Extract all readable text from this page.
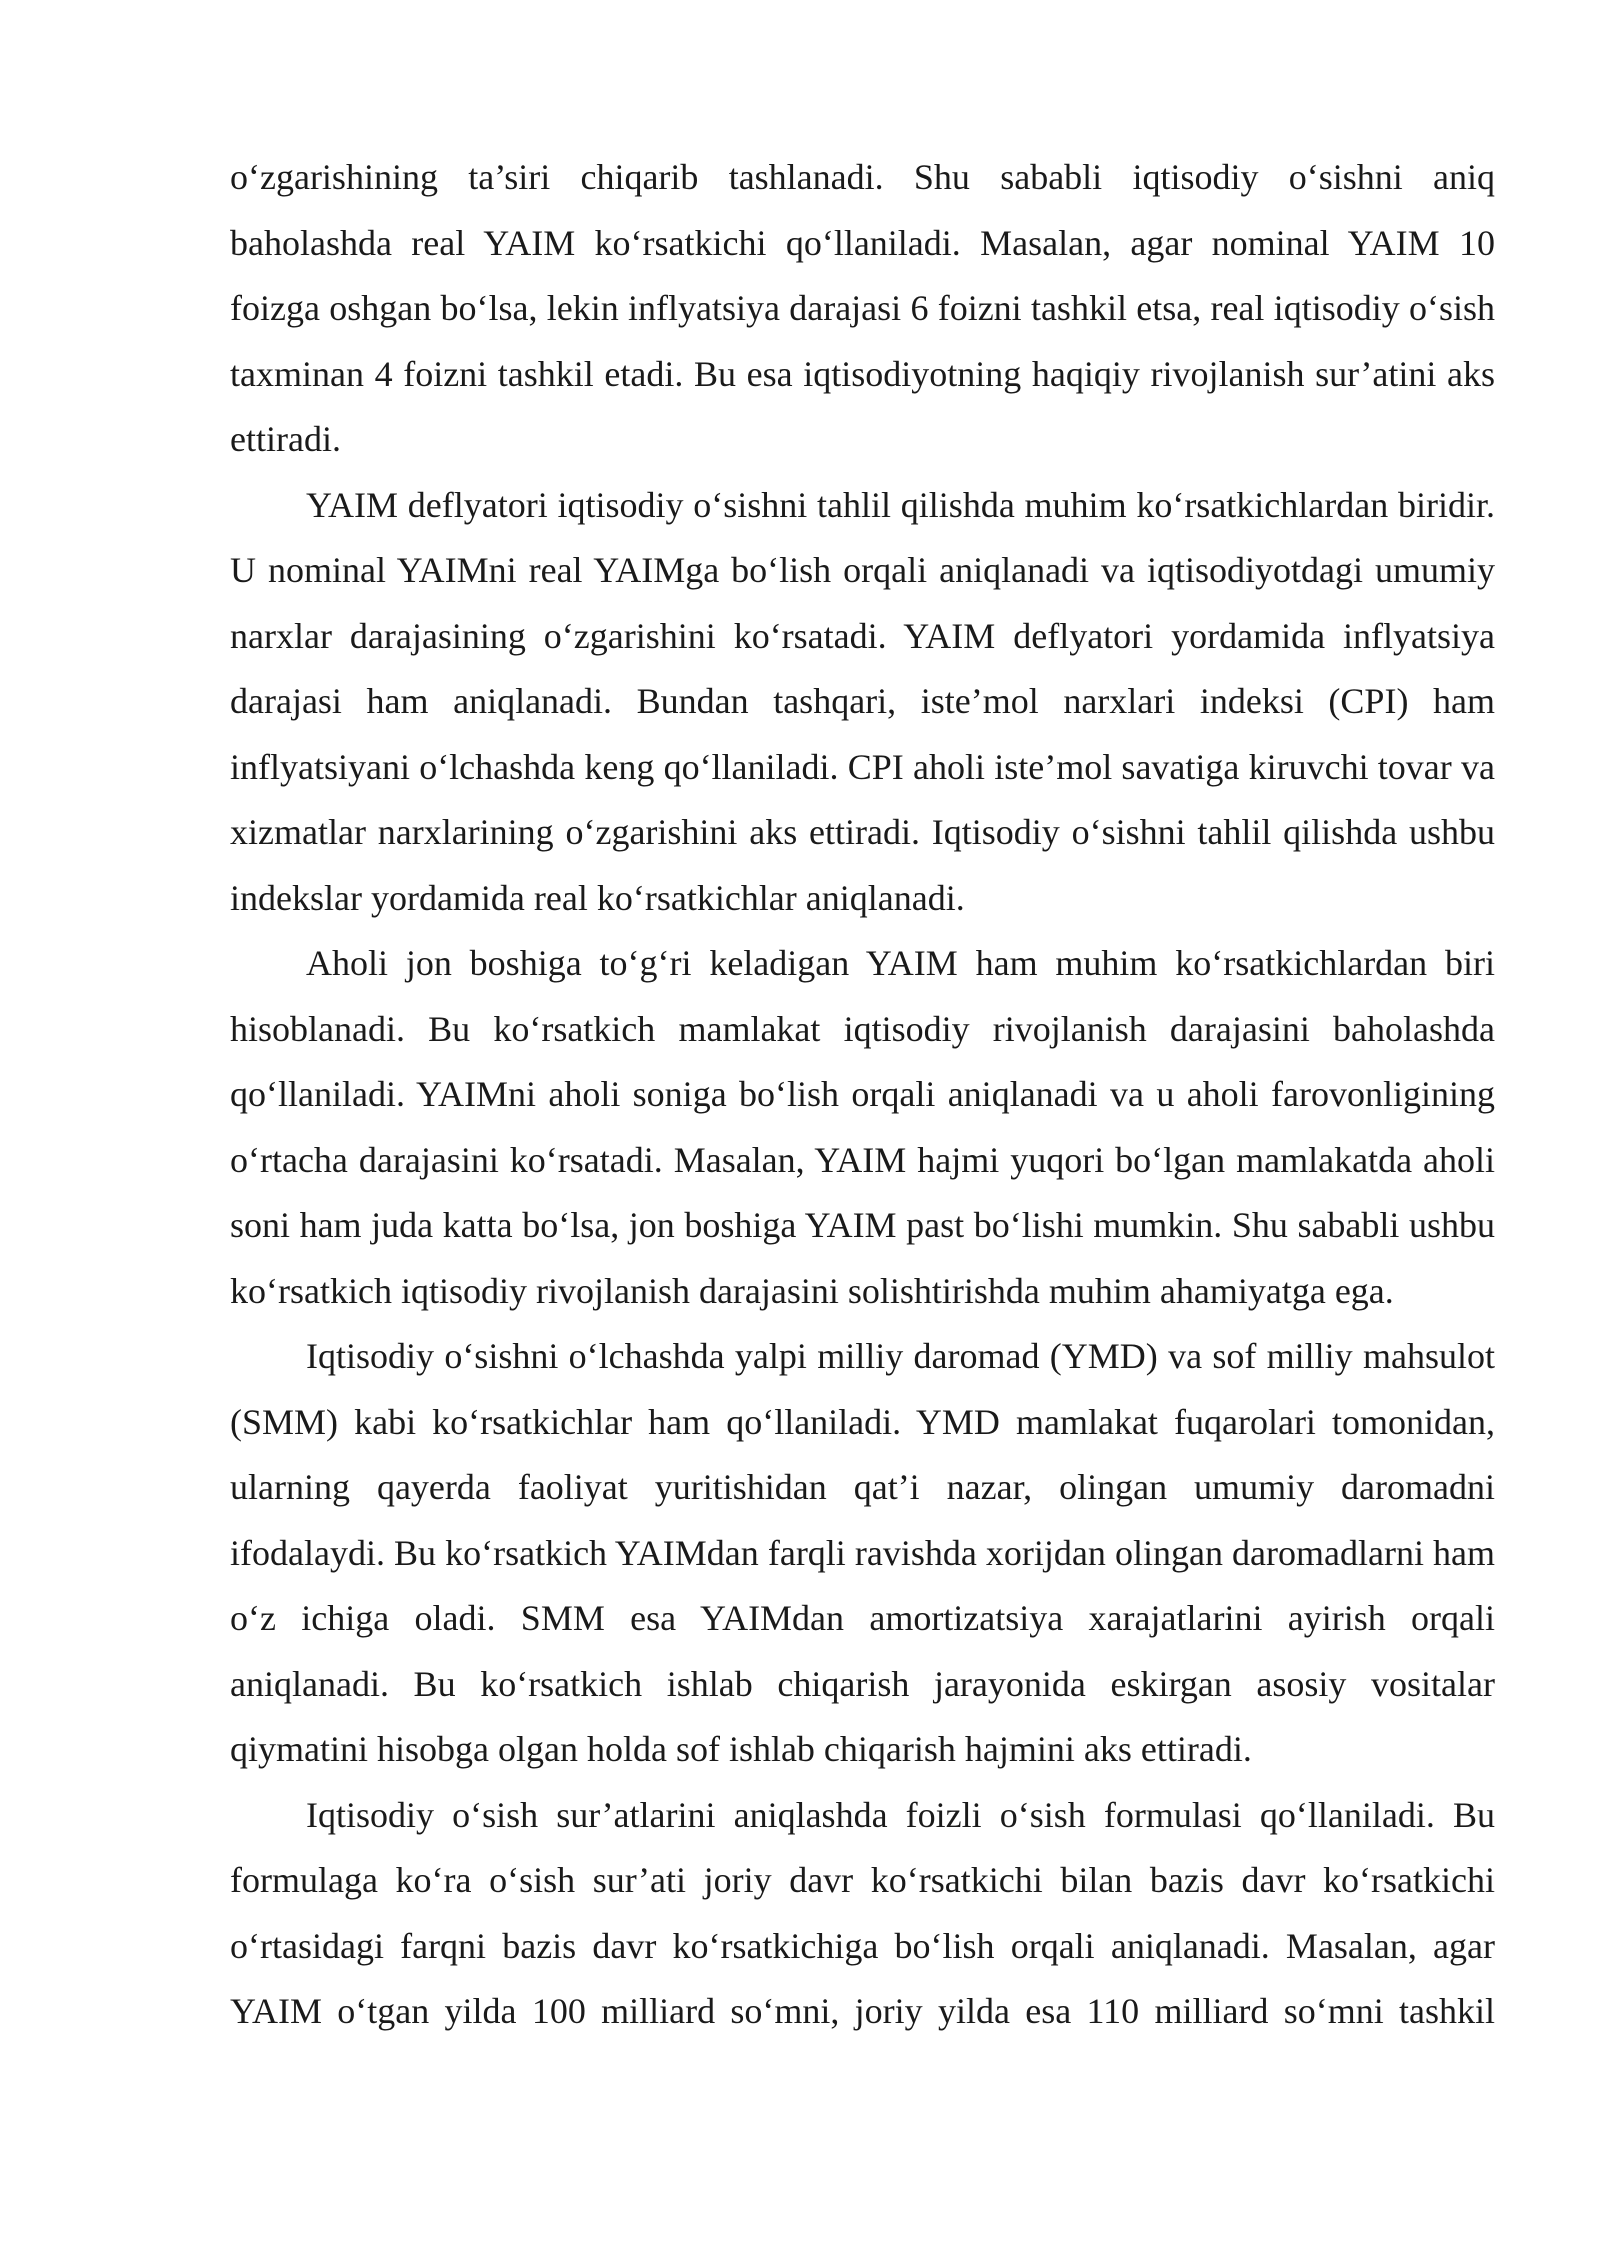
o‘zgarishining ta’siri chiqarib tashlanadi. Shu sababli iqtisodiy o‘sishni aniq baholashda real YAIM ko‘rsatkichi qo‘llaniladi. Masalan, agar nominal YAIM 10 foizga oshgan bo‘lsa, lekin inflyatsiya darajasi 6 foizni tashkil etsa, real iqtisodiy o‘sish taxminan 4 foizni tashkil etadi. Bu esa iqtisodiyotning haqiqiy rivojlanish sur’atini aks ettiradi.

YAIM deflyatori iqtisodiy o‘sishni tahlil qilishda muhim ko‘rsatkichlardan biridir. U nominal YAIMni real YAIMga bo‘lish orqali aniqlanadi va iqtisodiyotdagi umumiy narxlar darajasining o‘zgarishini ko‘rsatadi. YAIM deflyatori yordamida inflyatsiya darajasi ham aniqlanadi. Bundan tashqari, iste’mol narxlari indeksi (CPI) ham inflyatsiyani o‘lchashda keng qo‘llaniladi. CPI aholi iste’mol savatiga kiruvchi tovar va xizmatlar narxlarining o‘zgarishini aks ettiradi. Iqtisodiy o‘sishni tahlil qilishda ushbu indekslar yordamida real ko‘rsatkichlar aniqlanadi.

Aholi jon boshiga to‘g‘ri keladigan YAIM ham muhim ko‘rsatkichlardan biri hisoblanadi. Bu ko‘rsatkich mamlakat iqtisodiy rivojlanish darajasini baholashda qo‘llaniladi. YAIMni aholi soniga bo‘lish orqali aniqlanadi va u aholi farovonligining o‘rtacha darajasini ko‘rsatadi. Masalan, YAIM hajmi yuqori bo‘lgan mamlakatda aholi soni ham juda katta bo‘lsa, jon boshiga YAIM past bo‘lishi mumkin. Shu sababli ushbu ko‘rsatkich iqtisodiy rivojlanish darajasini solishtirishda muhim ahamiyatga ega.

Iqtisodiy o‘sishni o‘lchashda yalpi milliy daromad (YMD) va sof milliy mahsulot (SMM) kabi ko‘rsatkichlar ham qo‘llaniladi. YMD mamlakat fuqarolari tomonidan, ularning qayerda faoliyat yuritishidan qat’i nazar, olingan umumiy daromadni ifodalaydi. Bu ko‘rsatkich YAIMdan farqli ravishda xorijdan olingan daromadlarni ham o‘z ichiga oladi. SMM esa YAIMdan amortizatsiya xarajatlarini ayirish orqali aniqlanadi. Bu ko‘rsatkich ishlab chiqarish jarayonida eskirgan asosiy vositalar qiymatini hisobga olgan holda sof ishlab chiqarish hajmini aks ettiradi.

Iqtisodiy o‘sish sur’atlarini aniqlashda foizli o‘sish formulasi qo‘llaniladi. Bu formulaga ko‘ra o‘sish sur’ati joriy davr ko‘rsatkichi bilan bazis davr ko‘rsatkichi o‘rtasidagi farqni bazis davr ko‘rsatkichiga bo‘lish orqali aniqlanadi. Masalan, agar YAIM o‘tgan yilda 100 milliard so‘mni, joriy yilda esa 110 milliard so‘mni tashkil
